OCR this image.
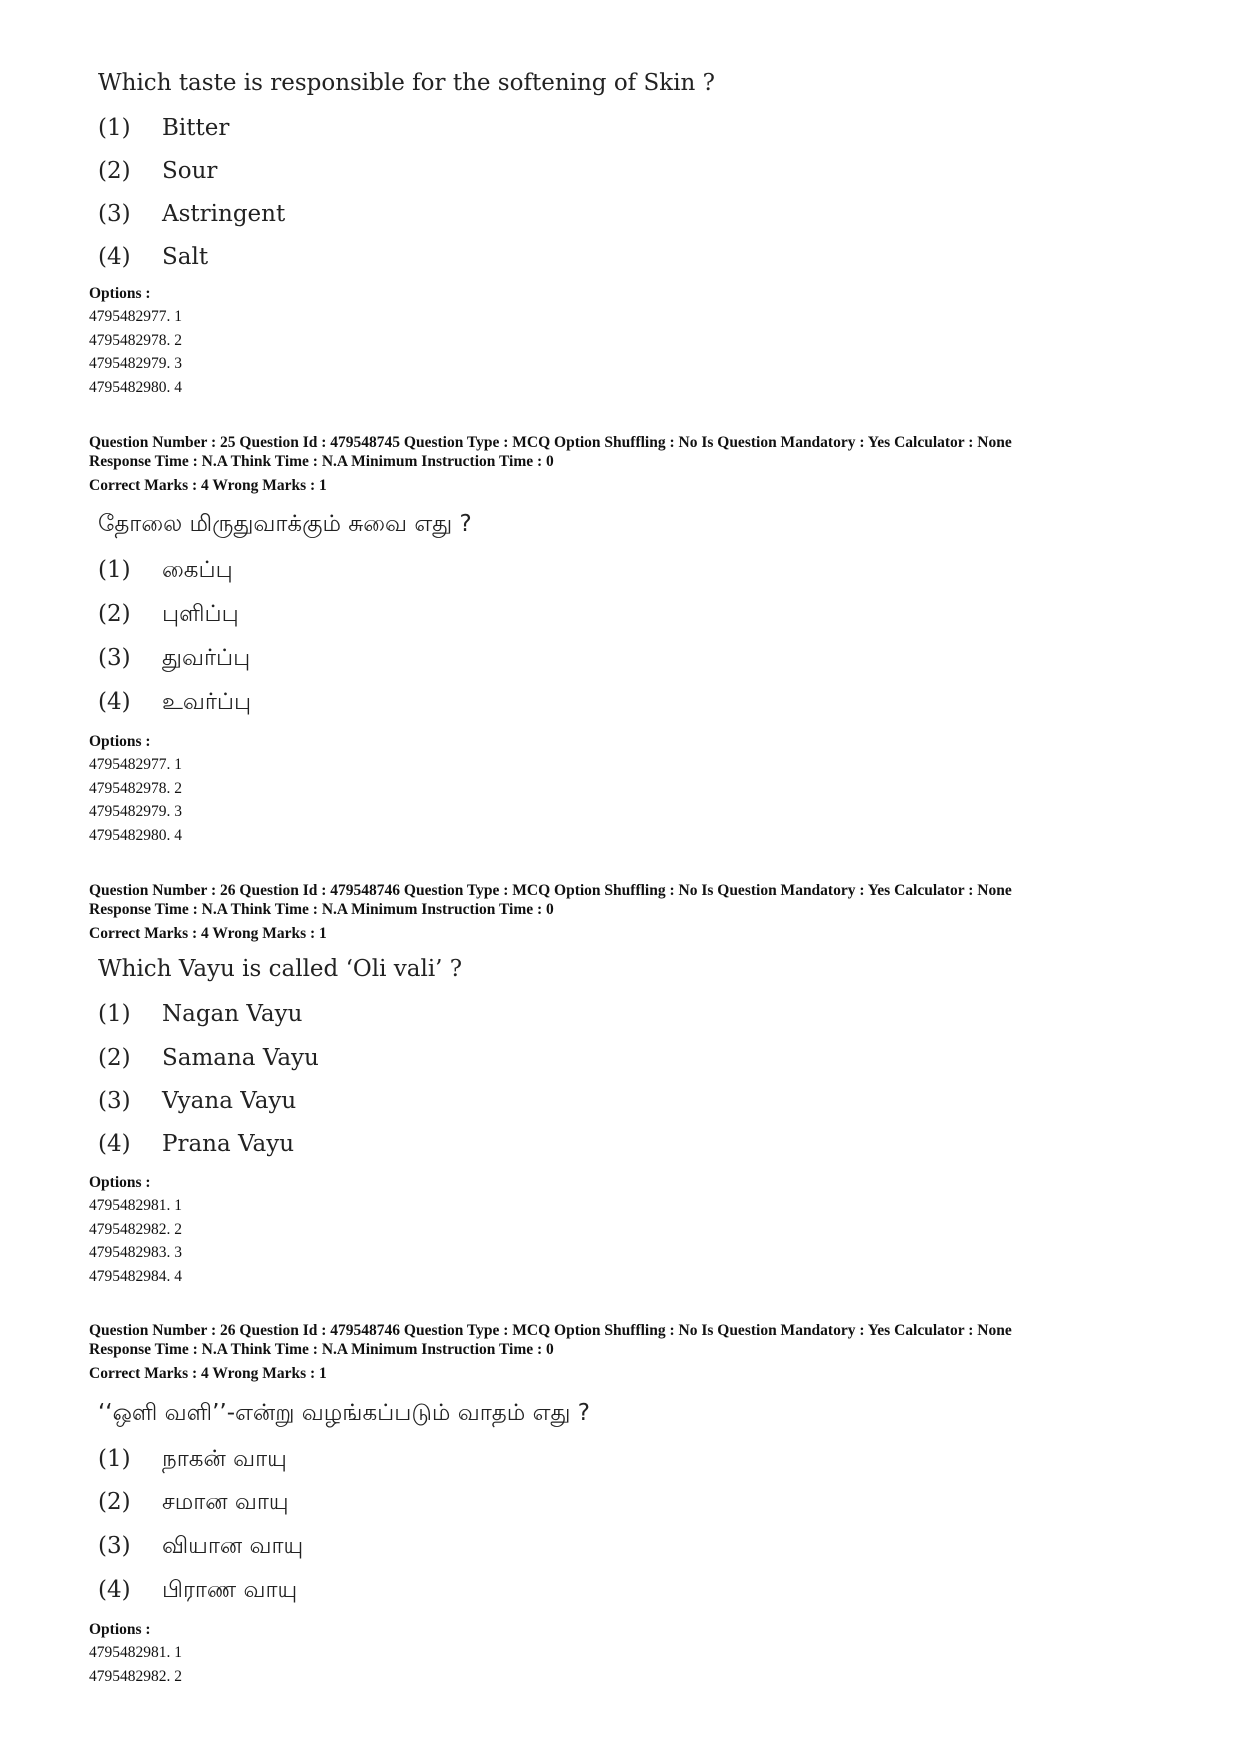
Which taste is responsible for the softening of Skin ?
(1) Bitter
(2) Sour
(3) Astringent
(4) Salt
Options :
4795482977. 1
4795482978. 2
4795482979. 3
4795482980. 4
Question Number : 25 Question Id : 479548745 Question Type : MCQ Option Shuffling : No Is Question Mandatory : Yes Calculator : None
Response Time : N.A Think Time : N.A Minimum Instruction Time : 0
Correct Marks : 4 Wrong Marks : 1
தோலை மிருதுவாக்கும் சுவை எது ?
(1) கைப்பு
(2) புளிப்பு
(3) துவர்ப்பு
(4) உவர்ப்பு
Options :
4795482977. 1
4795482978. 2
4795482979. 3
4795482980. 4
Question Number : 26 Question Id : 479548746 Question Type : MCQ Option Shuffling : No Is Question Mandatory : Yes Calculator : None
Response Time : N.A Think Time : N.A Minimum Instruction Time : 0
Correct Marks : 4 Wrong Marks : 1
Which Vayu is called ‘Oli vali’ ?
(1) Nagan Vayu
(2) Samana Vayu
(3) Vyana Vayu
(4) Prana Vayu
Options :
4795482981. 1
4795482982. 2
4795482983. 3
4795482984. 4
Question Number : 26 Question Id : 479548746 Question Type : MCQ Option Shuffling : No Is Question Mandatory : Yes Calculator : None
Response Time : N.A Think Time : N.A Minimum Instruction Time : 0
Correct Marks : 4 Wrong Marks : 1
‘‘ஒளி வளி’’-என்று வழங்கப்படும் வாதம் எது ?
(1) நாகன் வாயு
(2) சமான வாயு
(3) வியான வாயு
(4) பிராண வாயு
Options :
4795482981. 1
4795482982. 2
